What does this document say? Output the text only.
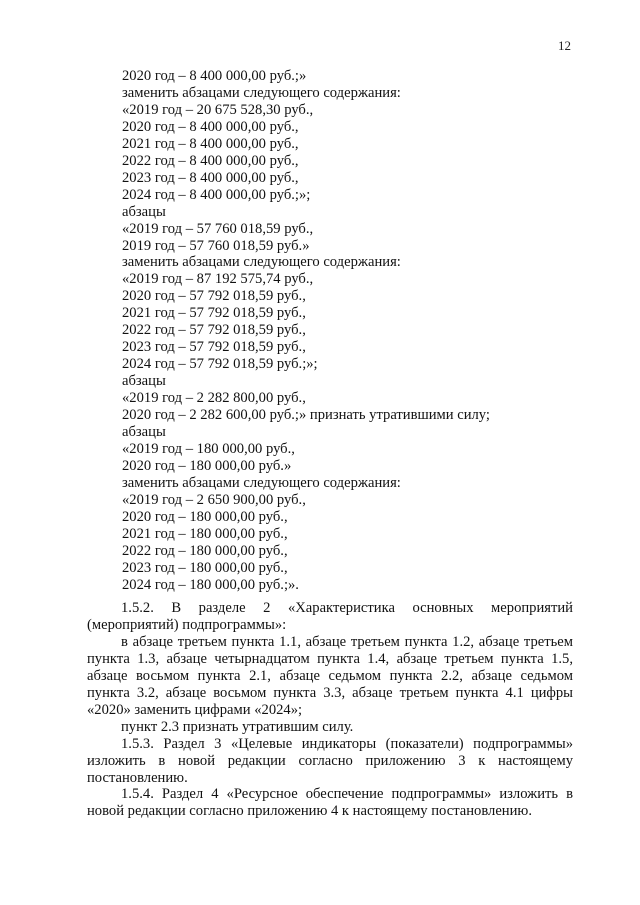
12
2020 год – 8 400 000,00 руб.;»
заменить абзацами следующего содержания:
«2019 год – 20 675 528,30 руб.,
2020 год – 8 400 000,00 руб.,
2021 год – 8 400 000,00 руб.,
2022 год – 8 400 000,00 руб.,
2023 год – 8 400 000,00 руб.,
2024 год – 8 400 000,00 руб.;»;
абзацы
«2019 год – 57 760 018,59 руб.,
2019 год – 57 760 018,59 руб.»
заменить абзацами следующего содержания:
«2019 год – 87 192 575,74 руб.,
2020 год – 57 792 018,59 руб.,
2021 год – 57 792 018,59 руб.,
2022 год – 57 792 018,59 руб.,
2023 год – 57 792 018,59 руб.,
2024 год – 57 792 018,59 руб.;»;
абзацы
«2019 год – 2 282 800,00 руб.,
2020 год – 2 282 600,00 руб.;» признать утратившими силу;
абзацы
«2019 год – 180 000,00 руб.,
2020 год – 180 000,00 руб.»
заменить абзацами следующего содержания:
«2019 год – 2 650 900,00 руб.,
2020 год – 180 000,00 руб.,
2021 год – 180 000,00 руб.,
2022 год – 180 000,00 руб.,
2023 год – 180 000,00 руб.,
2024 год – 180 000,00 руб.;».

1.5.2. В разделе 2 «Характеристика основных мероприятий (мероприятий) подпрограммы»:

в абзаце третьем пункта 1.1, абзаце третьем пункта 1.2, абзаце третьем пункта 1.3, абзаце четырнадцатом пункта 1.4, абзаце третьем пункта 1.5, абзаце восьмом пункта 2.1, абзаце седьмом пункта 2.2, абзаце седьмом пункта 3.2, абзаце восьмом пункта 3.3, абзаце третьем пункта 4.1 цифры «2020» заменить цифрами «2024»;

пункт 2.3 признать утратившим силу.

1.5.3. Раздел 3 «Целевые индикаторы (показатели) подпрограммы» изложить в новой редакции согласно приложению 3 к настоящему постановлению.

1.5.4. Раздел 4 «Ресурсное обеспечение подпрограммы» изложить в новой редакции согласно приложению 4 к настоящему постановлению.
